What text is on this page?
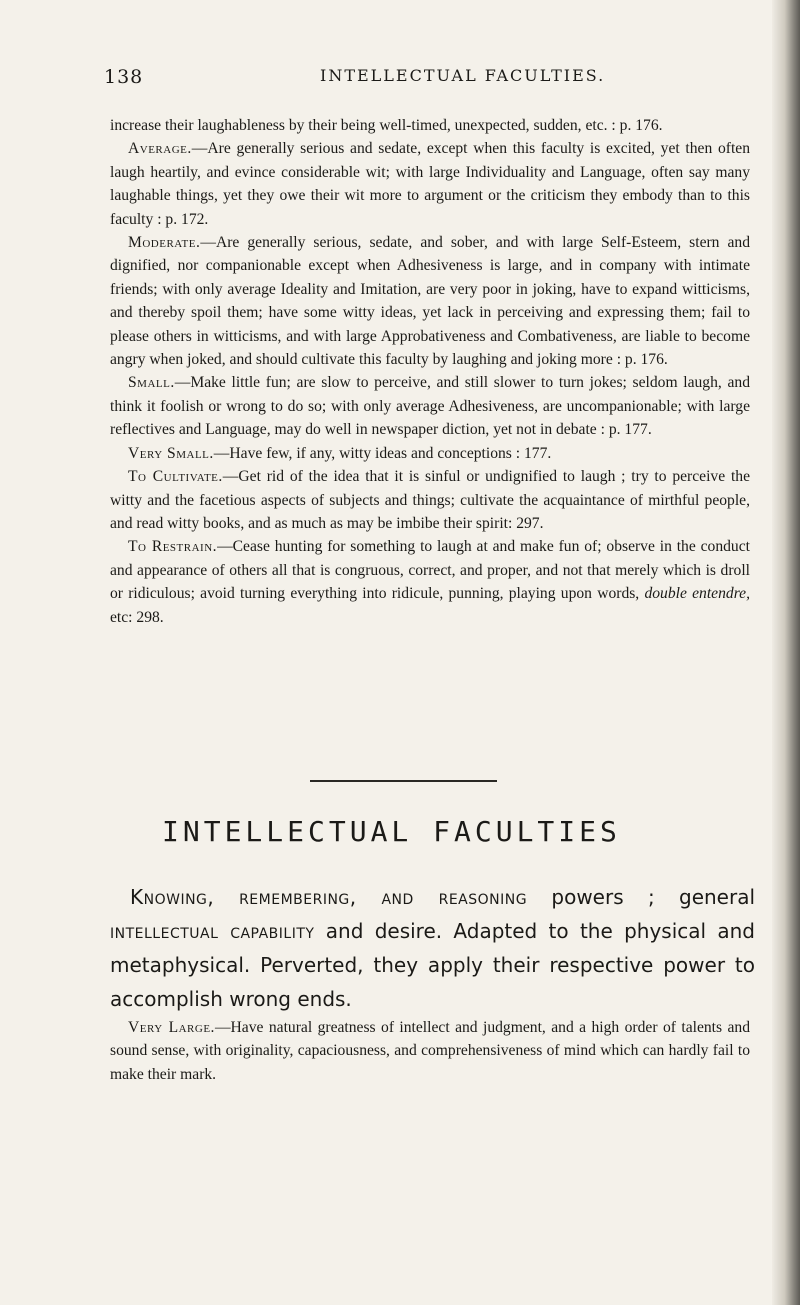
138	INTELLECTUAL FACULTIES.

increase their laughableness by their being well-timed, unexpected, sudden, etc. : p. 176.

Average.—Are generally serious and sedate, except when this faculty is excited, yet then often laugh heartily, and evince considerable wit; with large Individuality and Language, often say many laughable things, yet they owe their wit more to argument or the criticism they embody than to this faculty : p. 172.

Moderate.—Are generally serious, sedate, and sober, and with large Self-Esteem, stern and dignified, nor companionable except when Adhesiveness is large, and in company with intimate friends; with only average Ideality and Imitation, are very poor in joking, have to expand witticisms, and thereby spoil them; have some witty ideas, yet lack in perceiving and expressing them; fail to please others in witticisms, and with large Approbativeness and Combativeness, are liable to become angry when joked, and should cultivate this faculty by laughing and joking more : p. 176.

Small.—Make little fun; are slow to perceive, and still slower to turn jokes; seldom laugh, and think it foolish or wrong to do so; with only average Adhesiveness, are uncompanionable; with large reflectives and Language, may do well in newspaper diction, yet not in debate : p. 177.

Very Small.—Have few, if any, witty ideas and conceptions : 177.

To Cultivate.—Get rid of the idea that it is sinful or undignified to laugh ; try to perceive the witty and the facetious aspects of subjects and things; cultivate the acquaintance of mirthful people, and read witty books, and as much as may be imbibe their spirit: 297.

To Restrain.—Cease hunting for something to laugh at and make fun of; observe in the conduct and appearance of others all that is congruous, correct, and proper, and not that merely which is droll or ridiculous; avoid turning everything into ridicule, punning, playing upon words, double entendre, etc: 298.

INTELLECTUAL FACULTIES

Knowing, remembering, and reasoning powers ; general intellectual capability and desire. Adapted to the physical and metaphysical. Perverted, they apply their respective power to accomplish wrong ends.

Very Large.—Have natural greatness of intellect and judgment, and a high order of talents and sound sense, with originality, capaciousness, and comprehensiveness of mind which can hardly fail to make their mark.
